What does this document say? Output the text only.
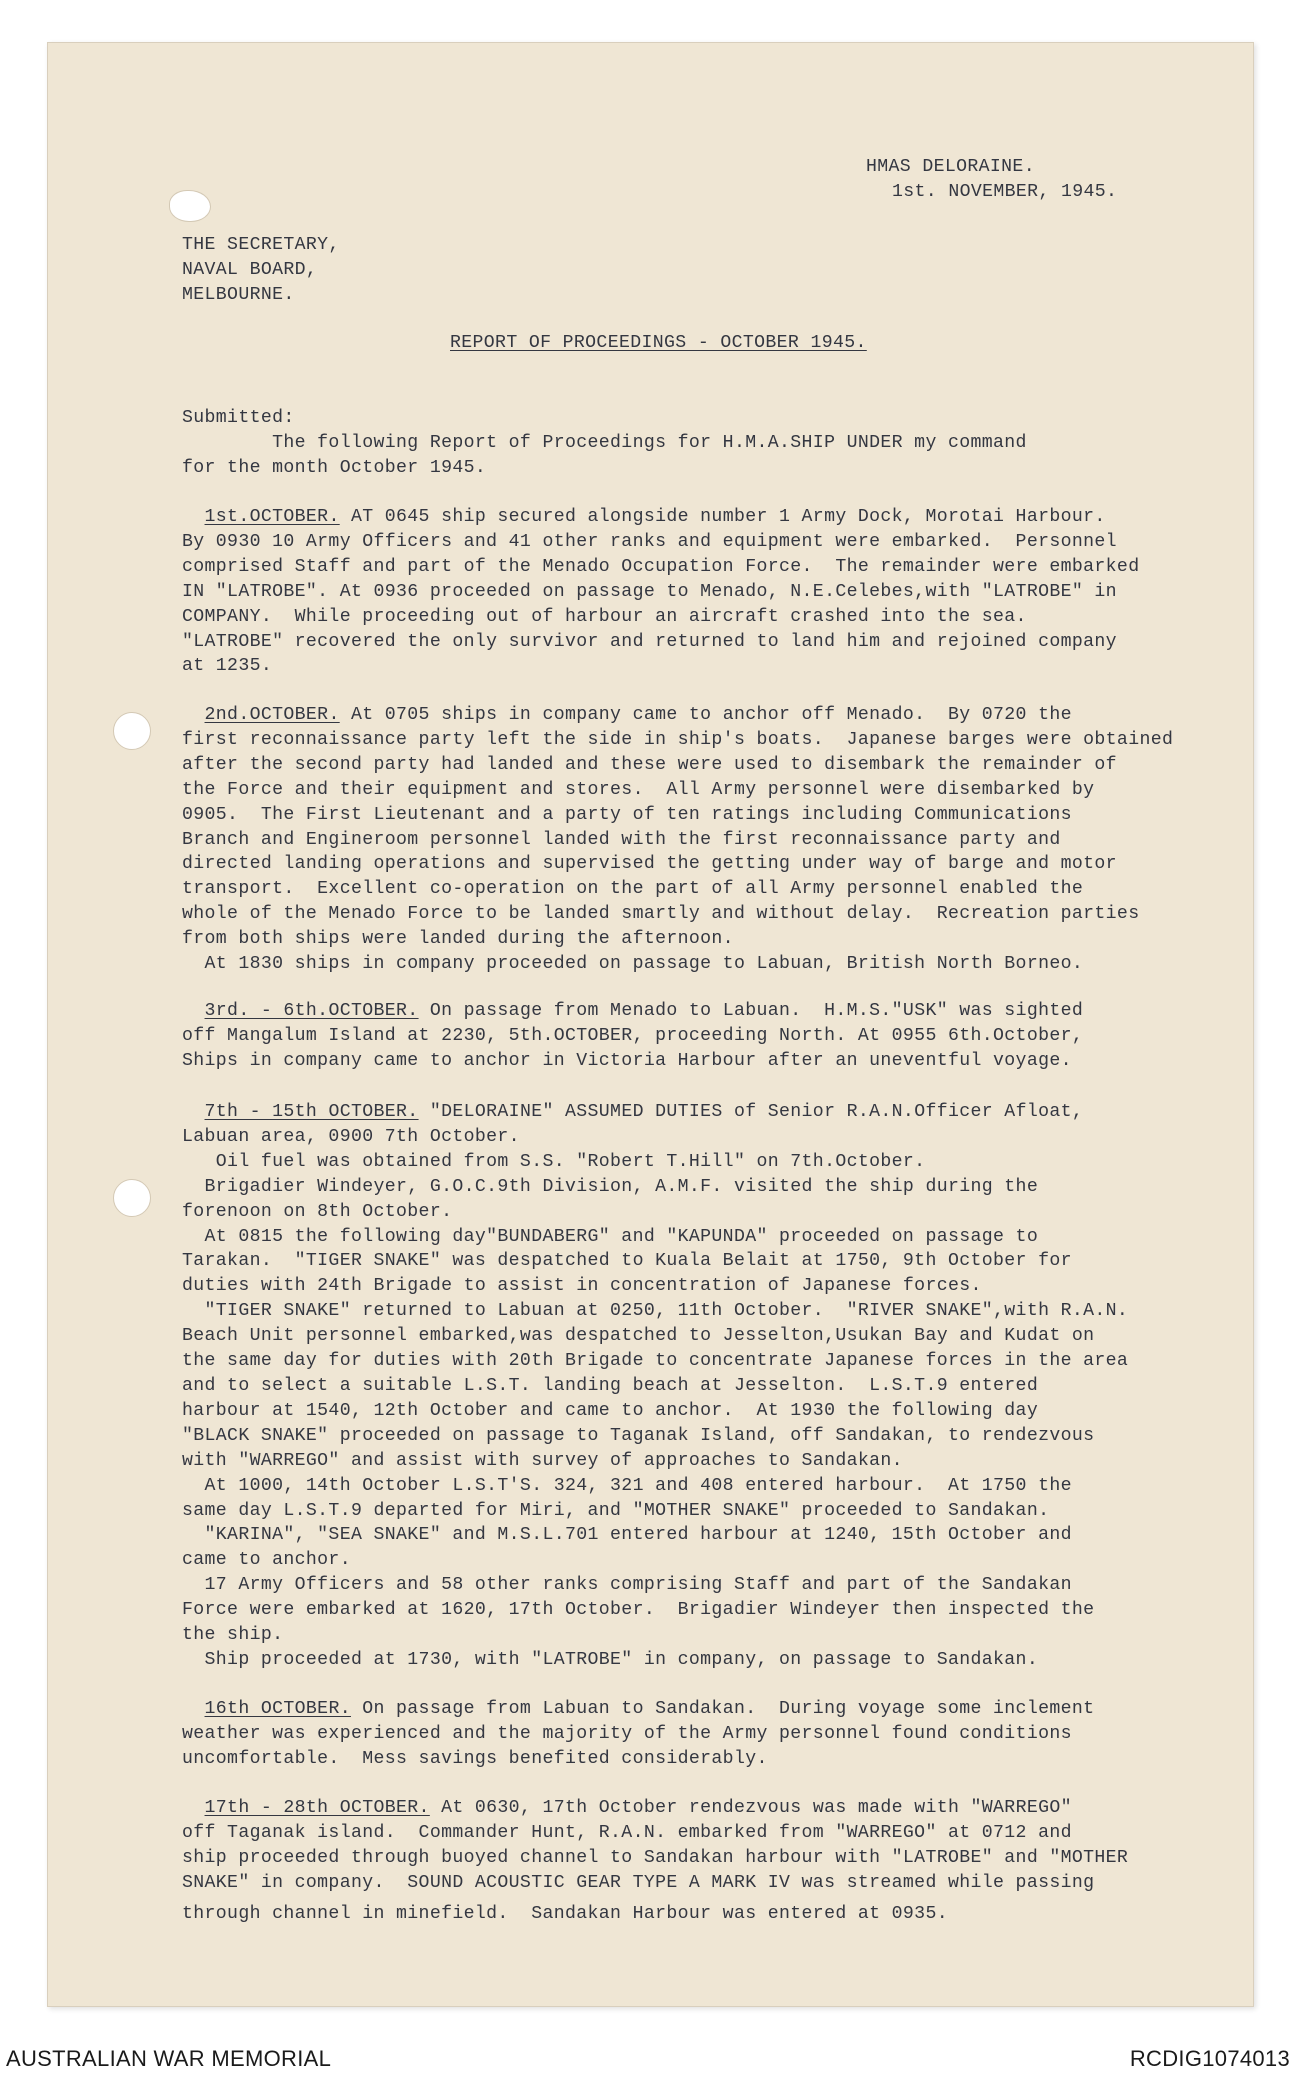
HMAS DELORAINE.
1st. NOVEMBER, 1945.
THE SECRETARY,
NAVAL BOARD,
MELBOURNE.
REPORT OF PROCEEDINGS - OCTOBER 1945.
Submitted:
The following Report of Proceedings for H.M.A.SHIP UNDER my command
for the month October 1945.
1st.OCTOBER. AT 0645 ship secured alongside number 1 Army Dock, Morotai Harbour.
By 0930 10 Army Officers and 41 other ranks and equipment were embarked.  Personnel
comprised Staff and part of the Menado Occupation Force.  The remainder were embarked
IN "LATROBE". At 0936 proceeded on passage to Menado, N.E.Celebes,with "LATROBE" in
COMPANY.  While proceeding out of harbour an aircraft crashed into the sea.
"LATROBE" recovered the only survivor and returned to land him and rejoined company
at 1235.
2nd.OCTOBER. At 0705 ships in company came to anchor off Menado.  By 0720 the
first reconnaissance party left the side in ship's boats.  Japanese barges were obtained
after the second party had landed and these were used to disembark the remainder of
the Force and their equipment and stores.  All Army personnel were disembarked by
0905.  The First Lieutenant and a party of ten ratings including Communications
Branch and Engineroom personnel landed with the first reconnaissance party and
directed landing operations and supervised the getting under way of barge and motor
transport.  Excellent co-operation on the part of all Army personnel enabled the
whole of the Menado Force to be landed smartly and without delay.  Recreation parties
from both ships were landed during the afternoon.
At 1830 ships in company proceeded on passage to Labuan, British North Borneo.
3rd. - 6th.OCTOBER. On passage from Menado to Labuan.  H.M.S."USK" was sighted
off Mangalum Island at 2230, 5th.OCTOBER, proceeding North. At 0955 6th.October,
Ships in company came to anchor in Victoria Harbour after an uneventful voyage.
7th - 15th OCTOBER. "DELORAINE" ASSUMED DUTIES of Senior R.A.N.Officer Afloat,
Labuan area, 0900 7th October.
Oil fuel was obtained from S.S. "Robert T.Hill" on 7th.October.
Brigadier Windeyer, G.O.C.9th Division, A.M.F. visited the ship during the
forenoon on 8th October.
At 0815 the following day"BUNDABERG" and "KAPUNDA" proceeded on passage to
Tarakan.  "TIGER SNAKE" was despatched to Kuala Belait at 1750, 9th October for
duties with 24th Brigade to assist in concentration of Japanese forces.
"TIGER SNAKE" returned to Labuan at 0250, 11th October.  "RIVER SNAKE",with R.A.N.
Beach Unit personnel embarked,was despatched to Jesselton,Usukan Bay and Kudat on
the same day for duties with 20th Brigade to concentrate Japanese forces in the area
and to select a suitable L.S.T. landing beach at Jesselton.  L.S.T.9 entered
harbour at 1540, 12th October and came to anchor.  At 1930 the following day
"BLACK SNAKE" proceeded on passage to Taganak Island, off Sandakan, to rendezvous
with "WARREGO" and assist with survey of approaches to Sandakan.
At 1000, 14th October L.S.T'S. 324, 321 and 408 entered harbour.  At 1750 the
same day L.S.T.9 departed for Miri, and "MOTHER SNAKE" proceeded to Sandakan.
"KARINA", "SEA SNAKE" and M.S.L.701 entered harbour at 1240, 15th October and
came to anchor.
17 Army Officers and 58 other ranks comprising Staff and part of the Sandakan
Force were embarked at 1620, 17th October.  Brigadier Windeyer then inspected the
the ship.
Ship proceeded at 1730, with "LATROBE" in company, on passage to Sandakan.
16th OCTOBER. On passage from Labuan to Sandakan.  During voyage some inclement
weather was experienced and the majority of the Army personnel found conditions
uncomfortable.  Mess savings benefited considerably.
17th - 28th OCTOBER. At 0630, 17th October rendezvous was made with "WARREGO"
off Taganak island.  Commander Hunt, R.A.N. embarked from "WARREGO" at 0712 and
ship proceeded through buoyed channel to Sandakan harbour with "LATROBE" and "MOTHER
SNAKE" in company.  SOUND ACOUSTIC GEAR TYPE A MARK IV was streamed while passing
through channel in minefield.  Sandakan Harbour was entered at 0935.
AUSTRALIAN WAR MEMORIAL	RCDIG1074013
